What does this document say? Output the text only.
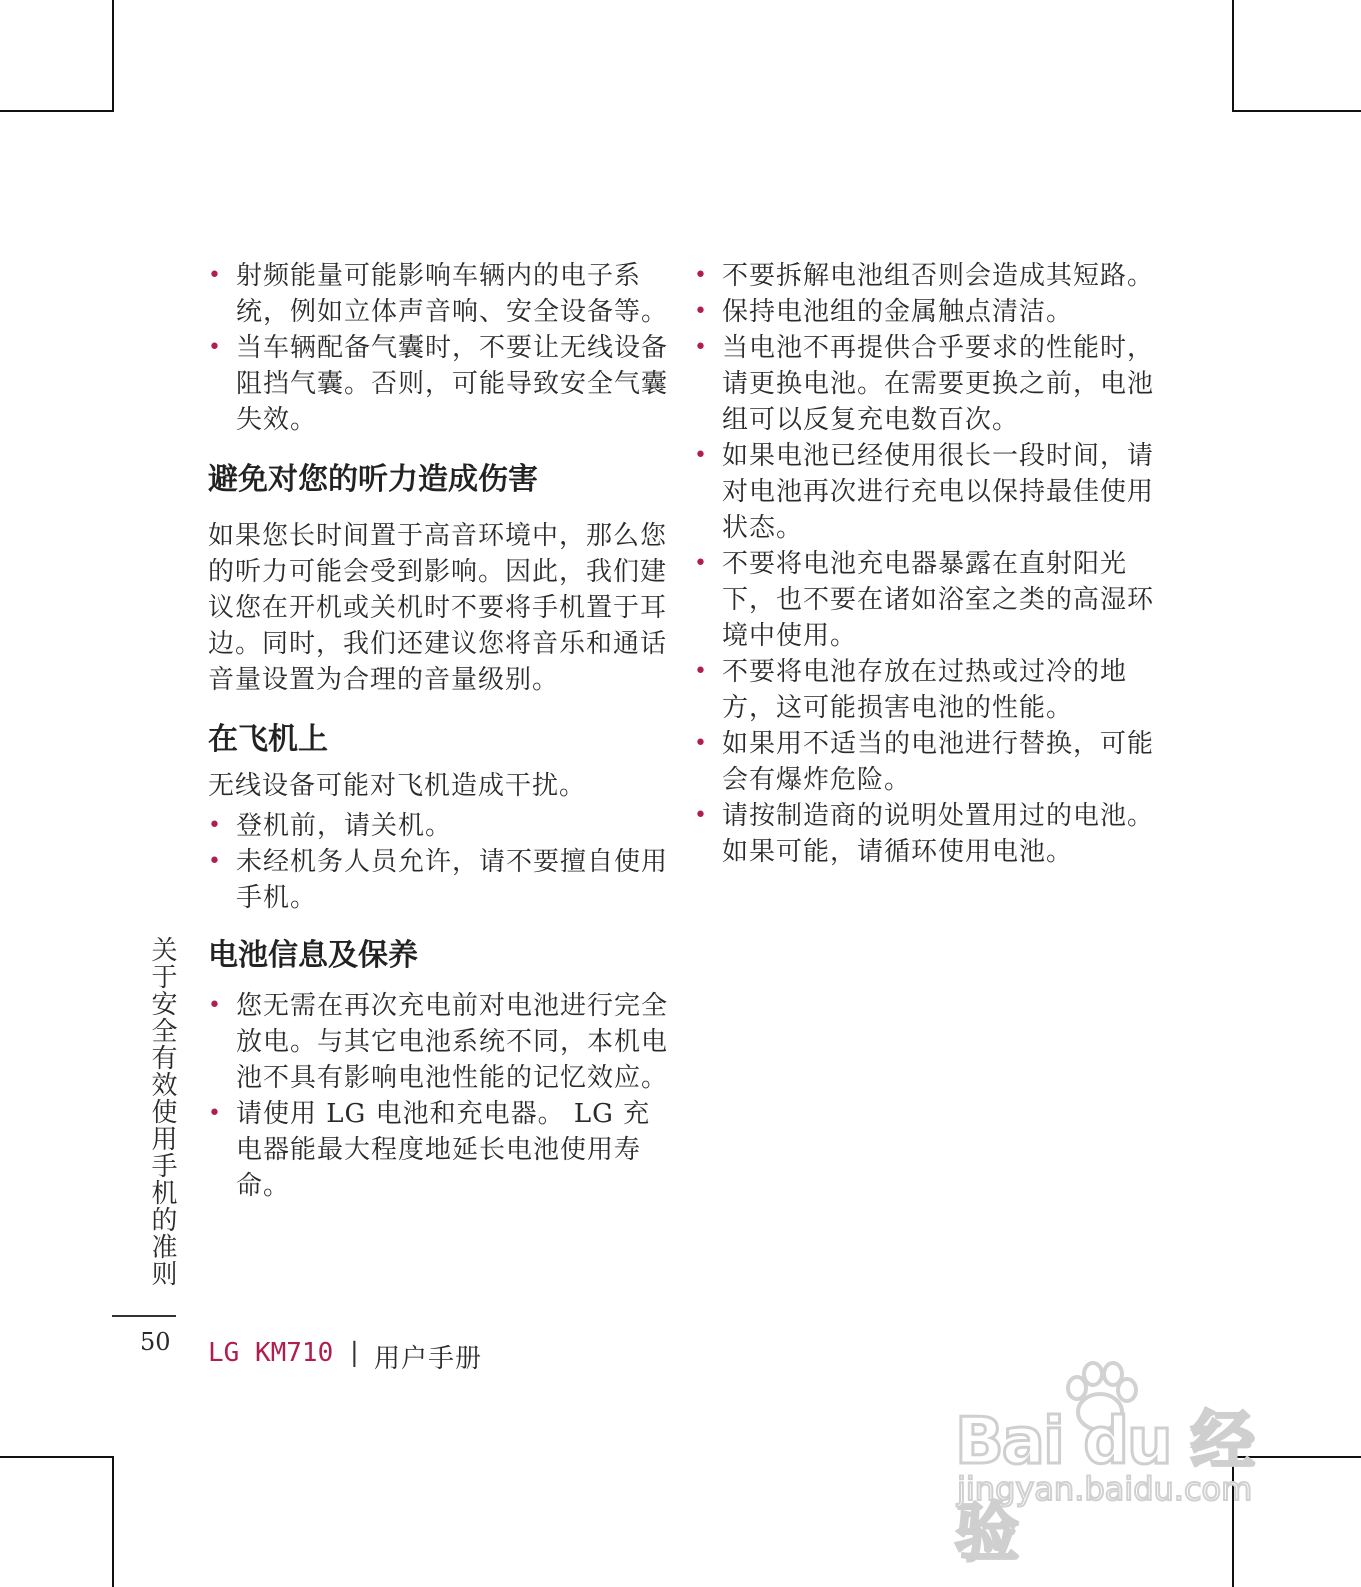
• 射频能量可能影响车辆内的电子系统，例如立体声音响、安全设备等。
• 当车辆配备气囊时，不要让无线设备阻挡气囊。否则，可能导致安全气囊失效。
避免对您的听力造成伤害

如果您长时间置于高音环境中，那么您的听力可能会受到影响。因此，我们建议您在开机或关机时不要将手机置于耳边。同时，我们还建议您将音乐和通话音量设置为合理的音量级别。

在飞机上

无线设备可能对飞机造成干扰。

• 登机前，请关机。
• 未经机务人员允许，请不要擅自使用手机。
电池信息及保养
• 您无需在再次充电前对电池进行完全放电。与其它电池系统不同，本机电池不具有影响电池性能的记忆效应。
• 请使用 LG 电池和充电器。 LG 充电器能最大程度地延长电池使用寿命。
• 不要拆解电池组否则会造成其短路。
• 保持电池组的金属触点清洁。
• 当电池不再提供合乎要求的性能时，请更换电池。在需要更换之前，电池组可以反复充电数百次。
• 如果电池已经使用很长一段时间，请对电池再次进行充电以保持最佳使用状态。
• 不要将电池充电器暴露在直射阳光下，也不要在诸如浴室之类的高湿环境中使用。
• 不要将电池存放在过热或过冷的地方，这可能损害电池的性能。
• 如果用不适当的电池进行替换，可能会有爆炸危险。
• 请按制造商的说明处置用过的电池。如果可能，请循环使用电池。
关于安全有效使用手机的准则
50 LG KM710 | 用户手册
Bai du 经验
jingyan.baidu.com
